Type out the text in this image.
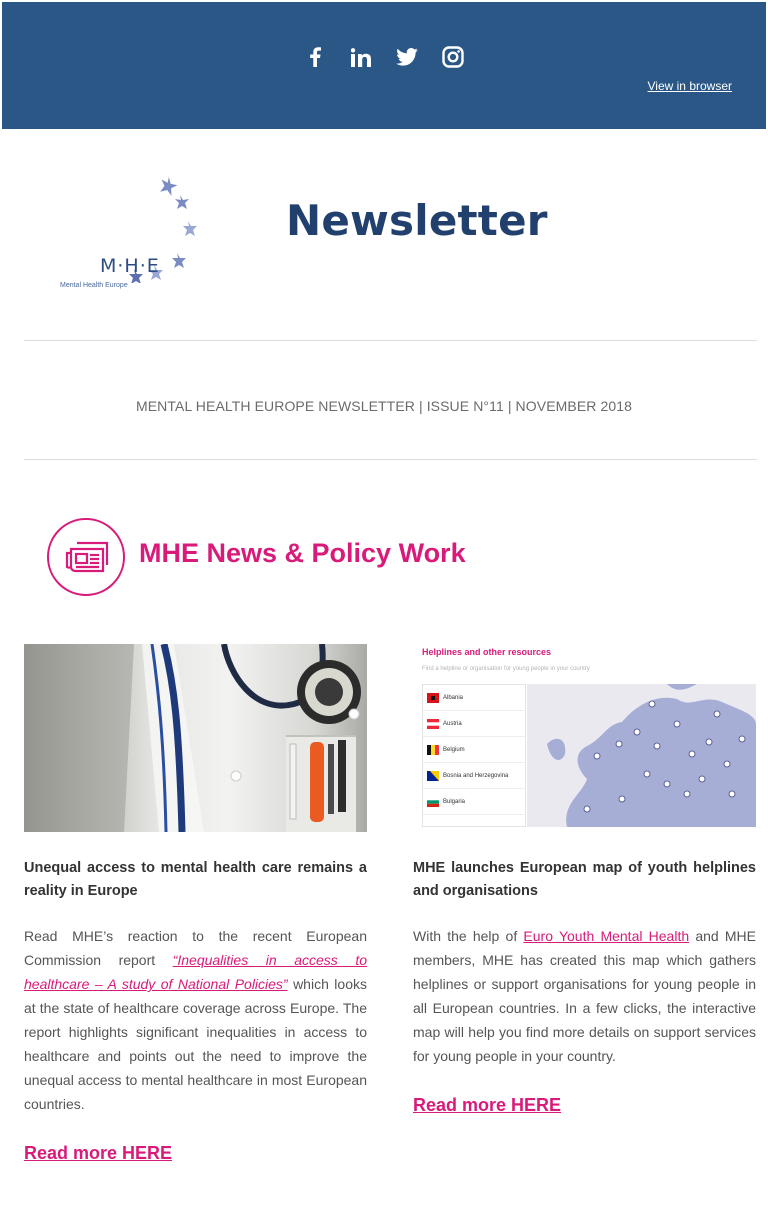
View in browser
M·H·E
Mental Health Europe
Newsletter
MENTAL HEALTH EUROPE NEWSLETTER | ISSUE N°11 | NOVEMBER 2018
MHE News & Policy Work
Unequal access to mental health care remains a reality in Europe
Read MHE’s reaction to the recent European Commission report “Inequalities in access to healthcare – A study of National Policies” which looks at the state of healthcare coverage across Europe. The report highlights significant inequalities in access to healthcare and points out the need to improve the unequal access to mental healthcare in most European countries.
Read more HERE
Helplines and other resources
Find a helpline or organisation for young people in your country
Albania
Austria
Belgium
Bosnia and Herzegovina
Bulgaria
MHE launches European map of youth helplines and organisations
With the help of Euro Youth Mental Health and MHE members, MHE has created this map which gathers helplines or support organisations for young people in all European countries. In a few clicks, the interactive map will help you find more details on support services for young people in your country.
Read more HERE
